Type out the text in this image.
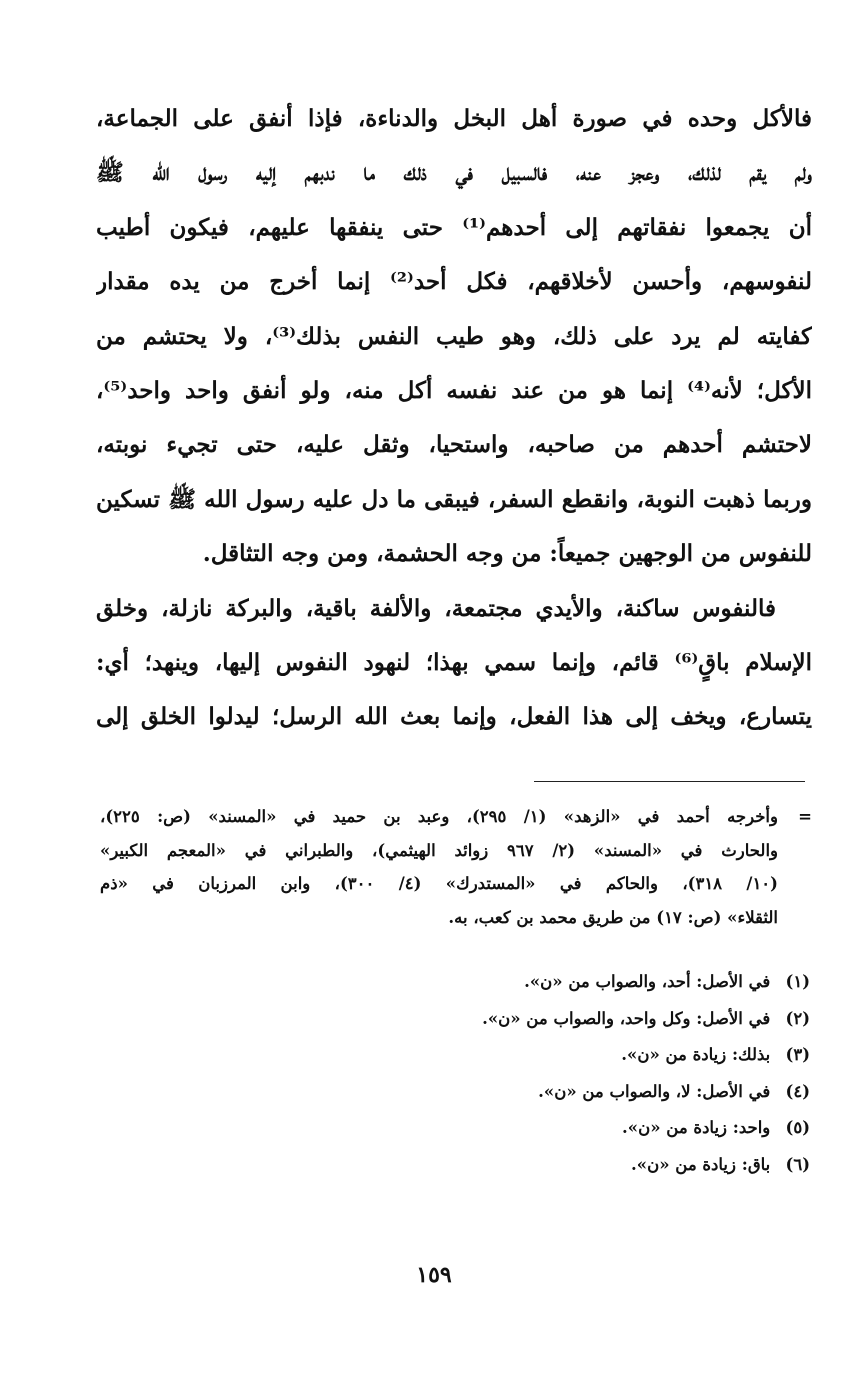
فالأكل وحده في صورة أهل البخل والدناءة، فإذا أنفق على الجماعة،
ولم يقم لذلك، وعجز عنه، فالسبيل في ذلك ما ندبهم إليه رسول الله ﷺ
أن يجمعوا نفقاتهم إلى أحدهم⁽¹⁾ حتى ينفقها عليهم، فيكون أطيب
لنفوسهم، وأحسن لأخلاقهم، فكل أحد⁽²⁾ إنما أخرج من يده مقدار
كفايته لم يرد على ذلك، وهو طيب النفس بذلك⁽³⁾، ولا يحتشم من
الأكل؛ لأنه⁽⁴⁾ إنما هو من عند نفسه أكل منه، ولو أنفق واحد واحد⁽⁵⁾،
لاحتشم أحدهم من صاحبه، واستحيا، وثقل عليه، حتى تجيء نوبته،
وربما ذهبت النوبة، وانقطع السفر، فيبقى ما دل عليه رسول الله ﷺ تسكين
للنفوس من الوجهين جميعاً: من وجه الحشمة، ومن وجه التثاقل.
فالنفوس ساكنة، والأيدي مجتمعة، والألفة باقية، والبركة نازلة، وخلق
الإسلام باقٍ⁽⁶⁾ قائم، وإنما سمي بهذا؛ لنهود النفوس إليها، وينهد؛ أي:
يتسارع، ويخف إلى هذا الفعل، وإنما بعث الله الرسل؛ ليدلوا الخلق إلى
=
وأخرجه أحمد في «الزهد» (١/ ٢٩٥)، وعبد بن حميد في «المسند» (ص: ٢٢٥)،
والحارث في «المسند» (٢/ ٩٦٧ زوائد الهيثمي)، والطبراني في «المعجم الكبير»
(١٠/ ٣١٨)، والحاكم في «المستدرك» (٤/ ٣٠٠)، وابن المرزبان في «ذم
الثقلاء» (ص: ١٧) من طريق محمد بن كعب، به.
(١) في الأصل: أحد، والصواب من «ن».
(٢) في الأصل: وكل واحد، والصواب من «ن».
(٣) بذلك: زيادة من «ن».
(٤) في الأصل: لا، والصواب من «ن».
(٥) واحد: زيادة من «ن».
(٦) باق: زيادة من «ن».
١٥٩
